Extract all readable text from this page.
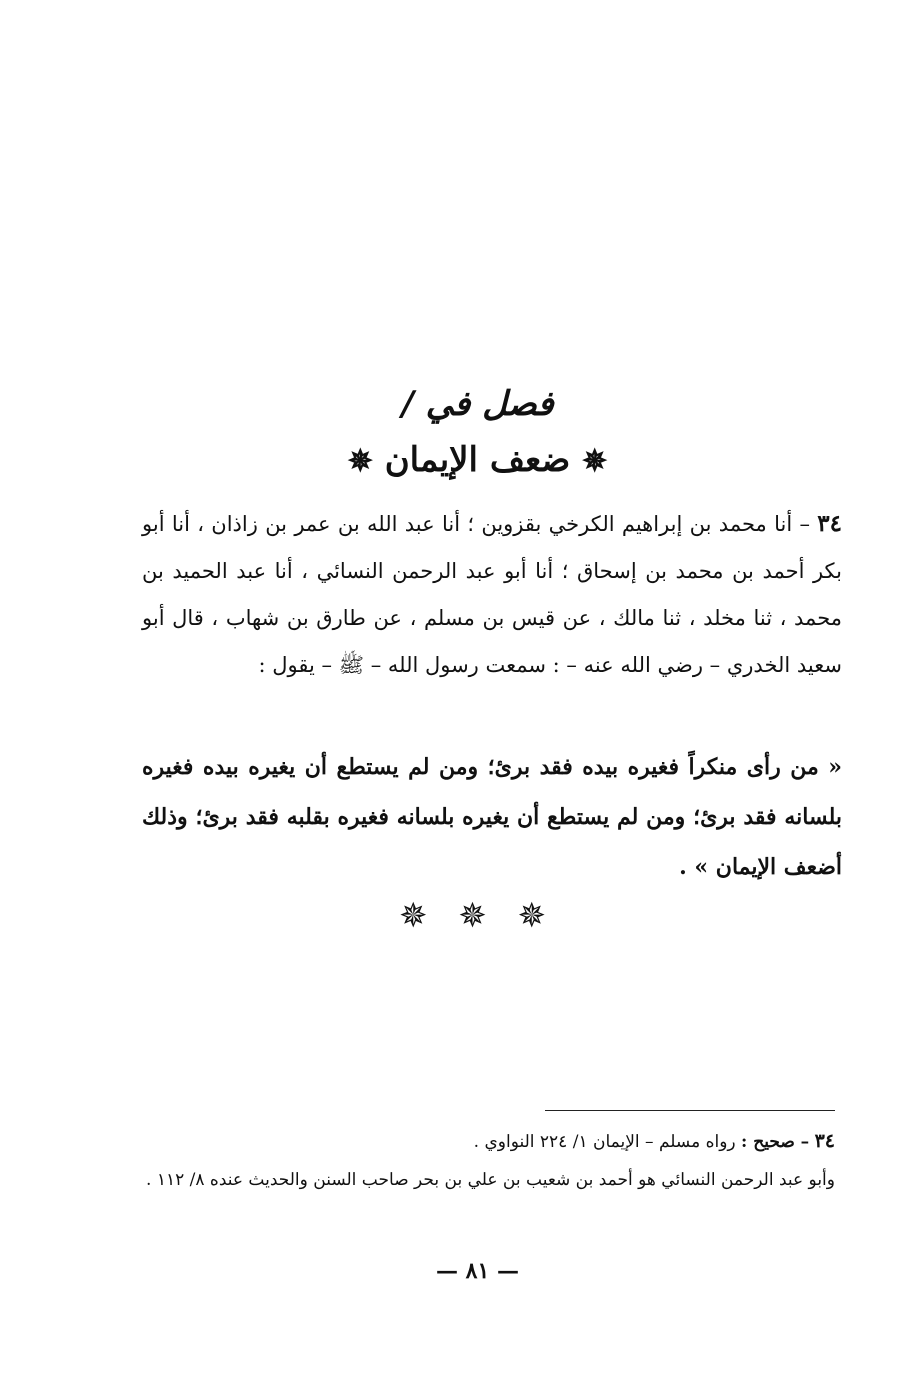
فصل في /
✵ ضعف الإيمان ✵
٣٤ – أنا محمد بن إبراهيم الكرخي بقزوين ؛ أنا عبد الله بن عمر بن زاذان ، أنا أبو بكر أحمد بن محمد بن إسحاق ؛ أنا أبو عبد الرحمن النسائي ، أنا عبد الحميد بن محمد ، ثنا مخلد ، ثنا مالك ، عن قيس بن مسلم ، عن طارق بن شهاب ، قال أبو سعيد الخدري – رضي الله عنه – : سمعت رسول الله – ﷺ – يقول :
« من رأى منكراً فغيره بيده فقد برئ؛ ومن لم يستطع أن يغيره بيده فغيره بلسانه فقد برئ؛ ومن لم يستطع أن يغيره بلسانه فغيره بقلبه فقد برئ؛ وذلك أضعف الإيمان » .
✵ ✵ ✵
٣٤ – صحيح : رواه مسلم – الإيمان ١/ ٢٢٤ النواوي .
وأبو عبد الرحمن النسائي هو أحمد بن شعيب بن علي بن بحر صاحب السنن والحديث عنده ٨/ ١١٢ .
— ٨١ —
